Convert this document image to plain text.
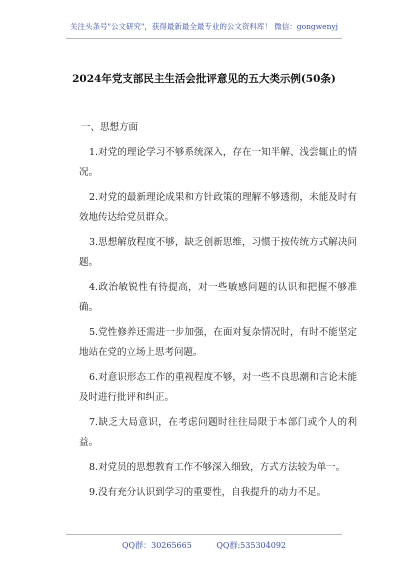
关注头条号"公文研究"，获得最新最全最专业的公文资料库！ 微信：gongwenyj
2024年党支部民主生活会批评意见的五大类示例(50条)

一、思想方面

1.对党的理论学习不够系统深入，存在一知半解、浅尝辄止的情况。

2.对党的最新理论成果和方针政策的理解不够透彻，未能及时有效地传达给党员群众。

3.思想解放程度不够，缺乏创新思维，习惯于按传统方式解决问题。

4.政治敏锐性有待提高，对一些敏感问题的认识和把握不够准确。

5.党性修养还需进一步加强，在面对复杂情况时，有时不能坚定地站在党的立场上思考问题。

6.对意识形态工作的重视程度不够，对一些不良思潮和言论未能及时进行批评和纠正。

7.缺乏大局意识，在考虑问题时往往局限于本部门或个人的利益。

8.对党员的思想教育工作不够深入细致，方式方法较为单一。

9.没有充分认识到学习的重要性，自我提升的动力不足。

QQ群：30265665	QQ群:535304092
